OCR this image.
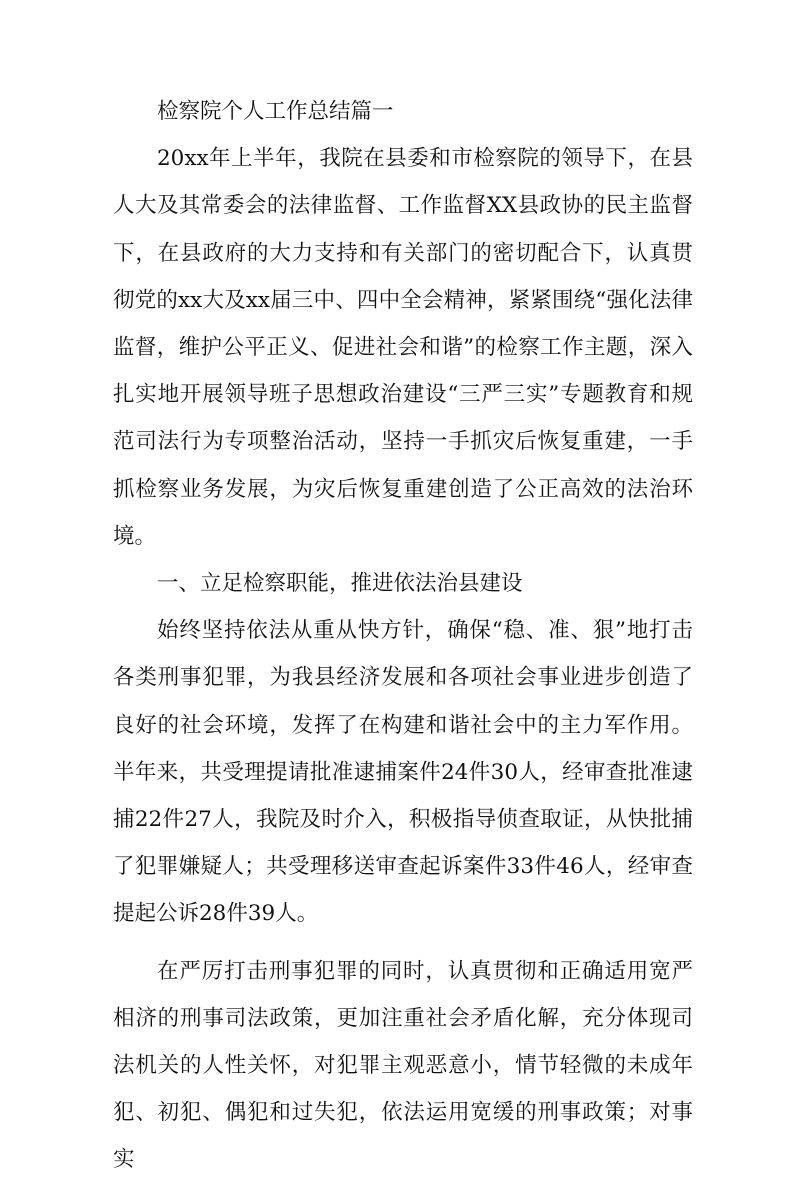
检察院个人工作总结篇一

20xx年上半年，我院在县委和市检察院的领导下，在县人大及其常委会的法律监督、工作监督XX县政协的民主监督下，在县政府的大力支持和有关部门的密切配合下，认真贯彻党的xx大及xx届三中、四中全会精神，紧紧围绕“强化法律监督，维护公平正义、促进社会和谐”的检察工作主题，深入扎实地开展领导班子思想政治建设“三严三实”专题教育和规范司法行为专项整治活动，坚持一手抓灾后恢复重建，一手抓检察业务发展，为灾后恢复重建创造了公正高效的法治环境。

一、立足检察职能，推进依法治县建设

始终坚持依法从重从快方针，确保“稳、准、狠”地打击各类刑事犯罪，为我县经济发展和各项社会事业进步创造了良好的社会环境，发挥了在构建和谐社会中的主力军作用。半年来，共受理提请批准逮捕案件24件30人，经审查批准逮捕22件27人，我院及时介入，积极指导侦查取证，从快批捕了犯罪嫌疑人；共受理移送审查起诉案件33件46人，经审查提起公诉28件39人。

在严厉打击刑事犯罪的同时，认真贯彻和正确适用宽严相济的刑事司法政策，更加注重社会矛盾化解，充分体现司法机关的人性关怀，对犯罪主观恶意小，情节轻微的未成年犯、初犯、偶犯和过失犯，依法运用宽缓的刑事政策；对事实
